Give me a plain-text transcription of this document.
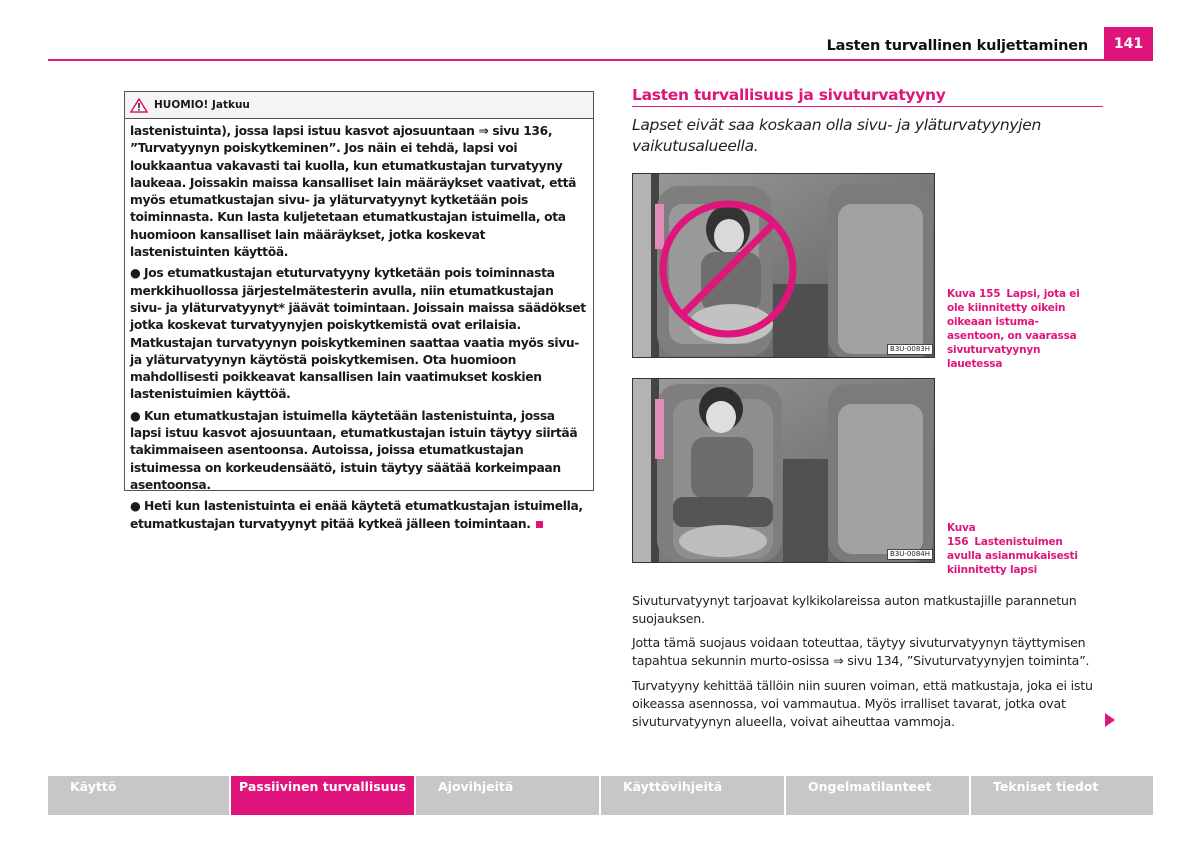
Lasten turvallinen kuljettaminen	141
HUOMIO! Jatkuu

lastenistuinta), jossa lapsi istuu kasvot ajosuuntaan ⇒ sivu 136, ”Turvatyynyn poiskytkeminen”. Jos näin ei tehdä, lapsi voi loukkaantua vakavasti tai kuolla, kun etumatkustajan turvatyyny laukeaa. Joissakin maissa kansalliset lain määräykset vaativat, että myös etumatkustajan sivu- ja yläturvatyynyt kytketään pois toiminnasta. Kun lasta kuljetetaan etumatkustajan istuimella, ota huomioon kansalliset lain määräykset, jotka koskevat lastenistuinten käyttöä.

● Jos etumatkustajan etuturvatyyny kytketään pois toiminnasta merkkihuollossa järjestelmätesterin avulla, niin etumatkustajan sivu- ja yläturvatyynyt* jäävät toimintaan. Joissain maissa säädökset jotka koskevat turvatyynyjen poiskytkemistä ovat erilaisia. Matkustajan turvatyynyn poiskytkeminen saattaa vaatia myös sivu- ja yläturvatyynyn käytöstä poiskytkemisen. Ota huomioon mahdollisesti poikkeavat kansallisen lain vaatimukset koskien lastenistuimien käyttöä.

● Kun etumatkustajan istuimella käytetään lastenistuinta, jossa lapsi istuu kasvot ajosuuntaan, etumatkustajan istuin täytyy siirtää takimmaiseen asentoonsa. Autoissa, joissa etumatkustajan istuimessa on korkeudensäätö, istuin täytyy säätää korkeimpaan asentoonsa.

● Heti kun lastenistuinta ei enää käytetä etumatkustajan istuimella, etumatkustajan turvatyynyt pitää kytkeä jälleen toimintaan.

Lasten turvallisuus ja sivuturvatyyny
Lapset eivät saa koskaan olla sivu- ja yläturvatyynyjen vaikutusalueella.
B3U-0083H
Kuva 155 Lapsi, jota ei ole kiinnitetty oikein oikeaan istuma-asentoon, on vaarassa sivuturvatyynyn lauetessa
B3U-0084H
Kuva 156 Lastenistuimen avulla asianmukaisesti kiinnitetty lapsi
Sivuturvatyynyt tarjoavat kylkikolareissa auton matkustajille parannetun suojauksen.
Jotta tämä suojaus voidaan toteuttaa, täytyy sivuturvatyynyn täyttymisen tapahtua sekunnin murto-osissa ⇒ sivu 134, ”Sivuturvatyynyjen toiminta”.
Turvatyyny kehittää tällöin niin suuren voiman, että matkustaja, joka ei istu oikeassa asennossa, voi vammautua. Myös irralliset tavarat, jotka ovat sivuturvatyynyn alueella, voivat aiheuttaa vammoja.
Käyttö	Passiivinen turvallisuus	Ajovihjeitä	Käyttövihjeitä	Ongelmatilanteet	Tekniset tiedot
